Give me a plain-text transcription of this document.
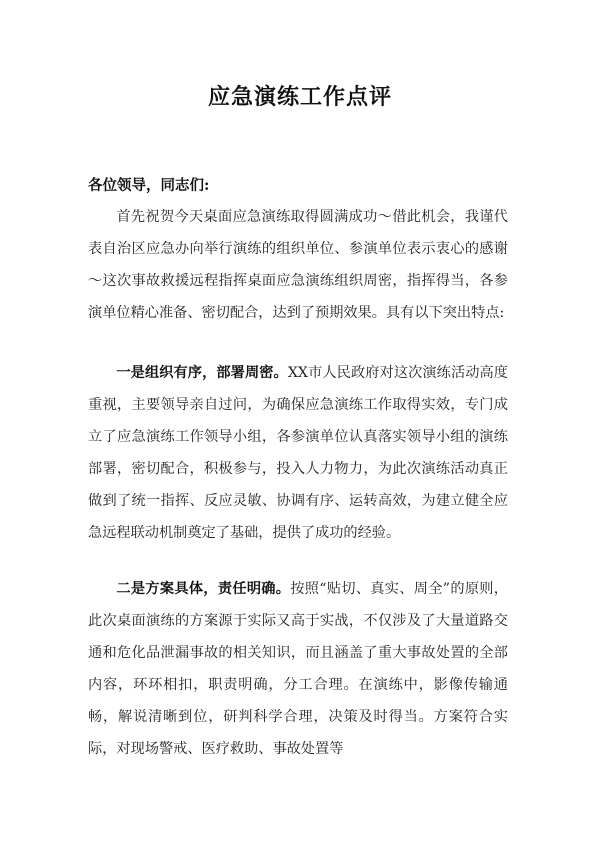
应急演练工作点评
各位领导，同志们:

首先祝贺今天桌面应急演练取得圆满成功～借此机会，我谨代表自治区应急办向举行演练的组织单位、参演单位表示衷心的感谢～这次事故救援远程指挥桌面应急演练组织周密，指挥得当，各参演单位精心准备、密切配合，达到了预期效果。具有以下突出特点:

一是组织有序，部署周密。XX市人民政府对这次演练活动高度重视，主要领导亲自过问，为确保应急演练工作取得实效，专门成立了应急演练工作领导小组，各参演单位认真落实领导小组的演练部署，密切配合，积极参与，投入人力物力，为此次演练活动真正做到了统一指挥、反应灵敏、协调有序、运转高效，为建立健全应急远程联动机制奠定了基础，提供了成功的经验。

二是方案具体，责任明确。按照“贴切、真实、周全”的原则，此次桌面演练的方案源于实际又高于实战，不仅涉及了大量道路交通和危化品泄漏事故的相关知识，而且涵盖了重大事故处置的全部内容，环环相扣，职责明确，分工合理。在演练中，影像传输通畅，解说清晰到位，研判科学合理，决策及时得当。方案符合实际，对现场警戒、医疗救助、事故处置等
